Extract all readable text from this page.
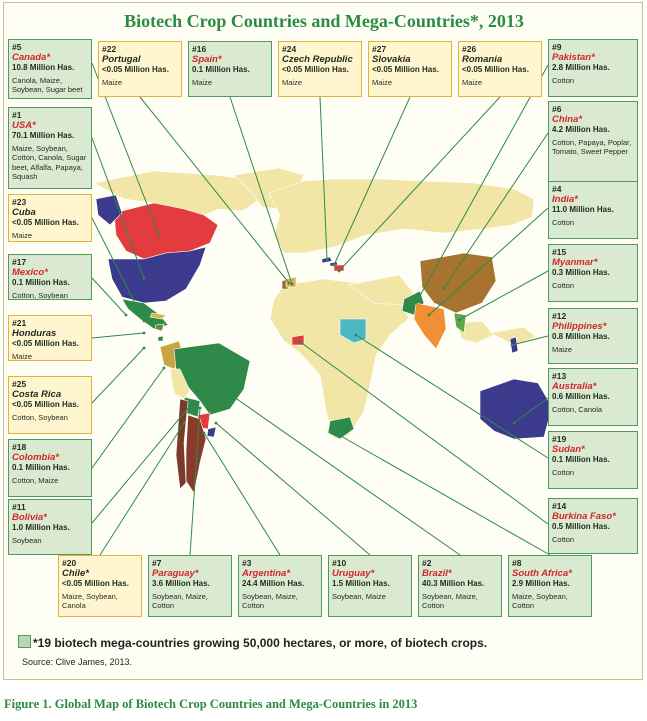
Biotech Crop Countries and Mega-Countries*, 2013
#5
Canada*
10.8 Million Has.
Canola, Maize, Soybean, Sugar beet
#1
USA*
70.1 Million Has.
Maize, Soybean, Cotton, Canola, Sugar beet, Alfalfa, Papaya, Squash
#23
Cuba
<0.05 Million Has.
Maize
#17
Mexico*
0.1 Million Has.
Cotton, Soybean
#21
Honduras
<0.05 Million Has.
Maize
#25
Costa Rica
<0.05 Million Has.
Cotton, Soybean
#18
Colombia*
0.1 Million Has.
Cotton, Maize
#11
Bolivia*
1.0 Million Has.
Soybean
#22
Portugal
<0.05 Million Has.
Maize
#16
Spain*
0.1 Million Has.
Maize
#24
Czech Republic
<0.05 Million Has.
Maize
#27
Slovakia
<0.05 Million Has.
Maize
#26
Romania
<0.05 Million Has.
Maize
#9
Pakistan*
2.8 Million Has.
Cotton
#6
China*
4.2 Million Has.
Cotton, Papaya, Poplar, Tomato, Sweet Pepper
#4
India*
11.0 Million Has.
Cotton
#15
Myanmar*
0.3 Million Has.
Cotton
#12
Philippines*
0.8 Million Has.
Maize
#13
Australia*
0.6 Million Has.
Cotton, Canola
#19
Sudan*
0.1 Million Has.
Cotton
#14
Burkina Faso*
0.5 Million Has.
Cotton
#20
Chile*
<0.05 Million Has.
Maize, Soybean, Canola
#7
Paraguay*
3.6 Million Has.
Soybean, Maize, Cotton
#3
Argentina*
24.4 Million Has.
Soybean, Maize, Cotton
#10
Uruguay*
1.5 Million Has.
Soybean, Maize
#2
Brazil*
40.3 Million Has.
Soybean, Maize, Cotton
#8
South Africa*
2.9 Million Has.
Maize, Soybean, Cotton
*19 biotech mega-countries growing 50,000 hectares, or more, of biotech crops.
Source: Clive James, 2013.
Figure 1. Global Map of Biotech Crop Countries and Mega-Countries in 2013
